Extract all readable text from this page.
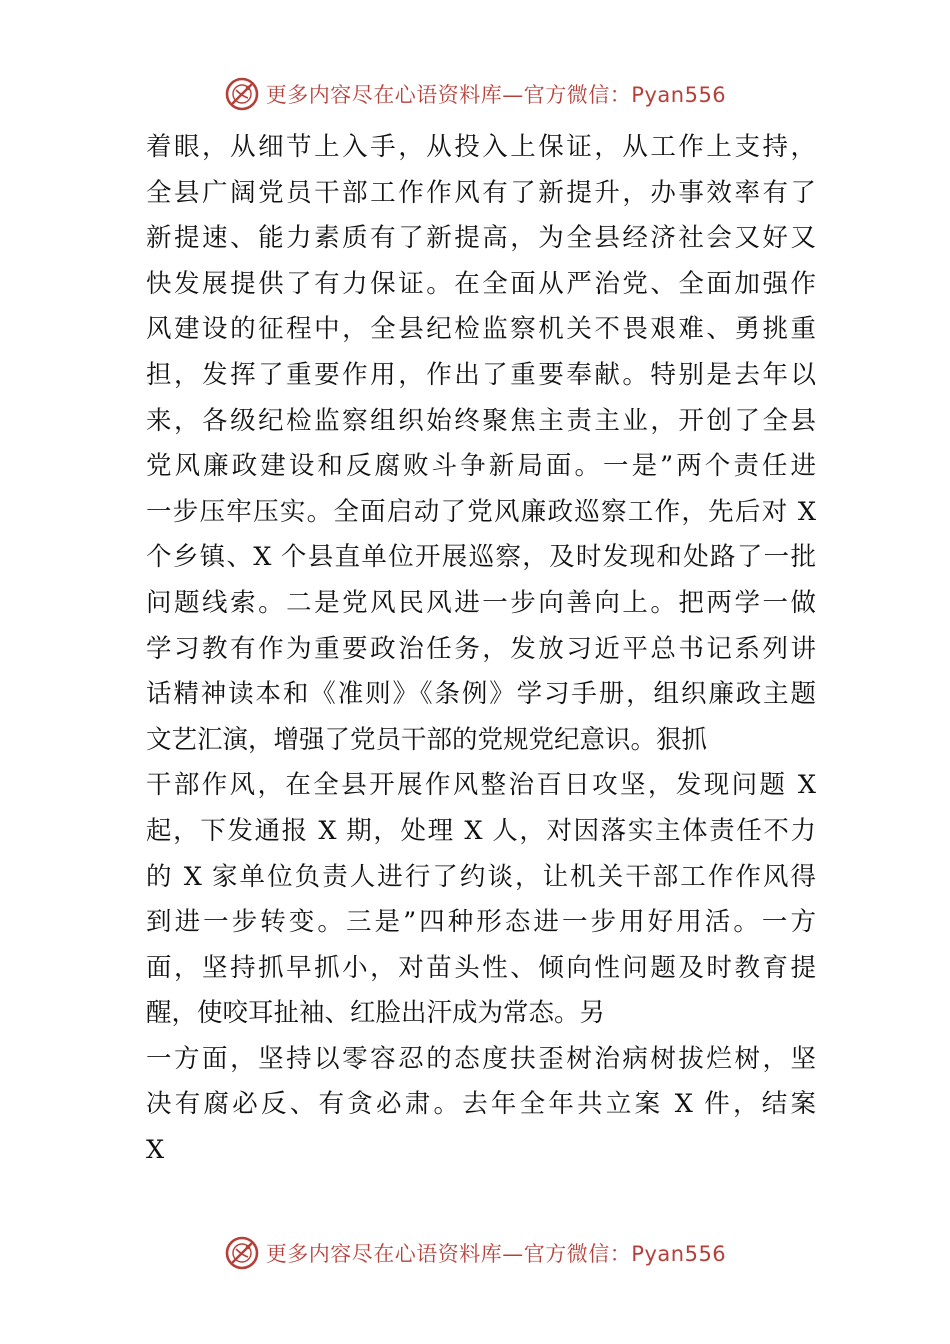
更多内容尽在心语资料库—官方微信：Pyan556
着眼，从细节上入手，从投入上保证，从工作上支持，
全县广阔党员干部工作作风有了新提升，办事效率有了
新提速、能力素质有了新提高，为全县经济社会又好又
快发展提供了有力保证。在全面从严治党、全面加强作
风建设的征程中，全县纪检监察机关不畏艰难、勇挑重
担，发挥了重要作用，作出了重要奉献。特别是去年以
来，各级纪检监察组织始终聚焦主责主业，开创了全县
党风廉政建设和反腐败斗争新局面。一是”两个责任进
一步压牢压实。全面启动了党风廉政巡察工作，先后对 X
个乡镇、X 个县直单位开展巡察，及时发现和处路了一批
问题线索。二是党风民风进一步向善向上。把两学一做
学习教有作为重要政治任务，发放习近平总书记系列讲
话精神读本和《准则》《条例》学习手册，组织廉政主题
文艺汇演，增强了党员干部的党规党纪意识。狠抓
干部作风，在全县开展作风整治百日攻坚，发现问题 X
起，下发通报 X 期，处理 X 人，对因落实主体责任不力
的 X 家单位负责人进行了约谈，让机关干部工作作风得
到进一步转变。三是”四种形态进一步用好用活。一方
面，坚持抓早抓小，对苗头性、倾向性问题及时教育提
醒，使咬耳扯袖、红脸出汗成为常态。另
一方面，坚持以零容忍的态度扶歪树治病树拔烂树，坚
决有腐必反、有贪必肃。去年全年共立案 X 件，结案
X
更多内容尽在心语资料库—官方微信：Pyan556
